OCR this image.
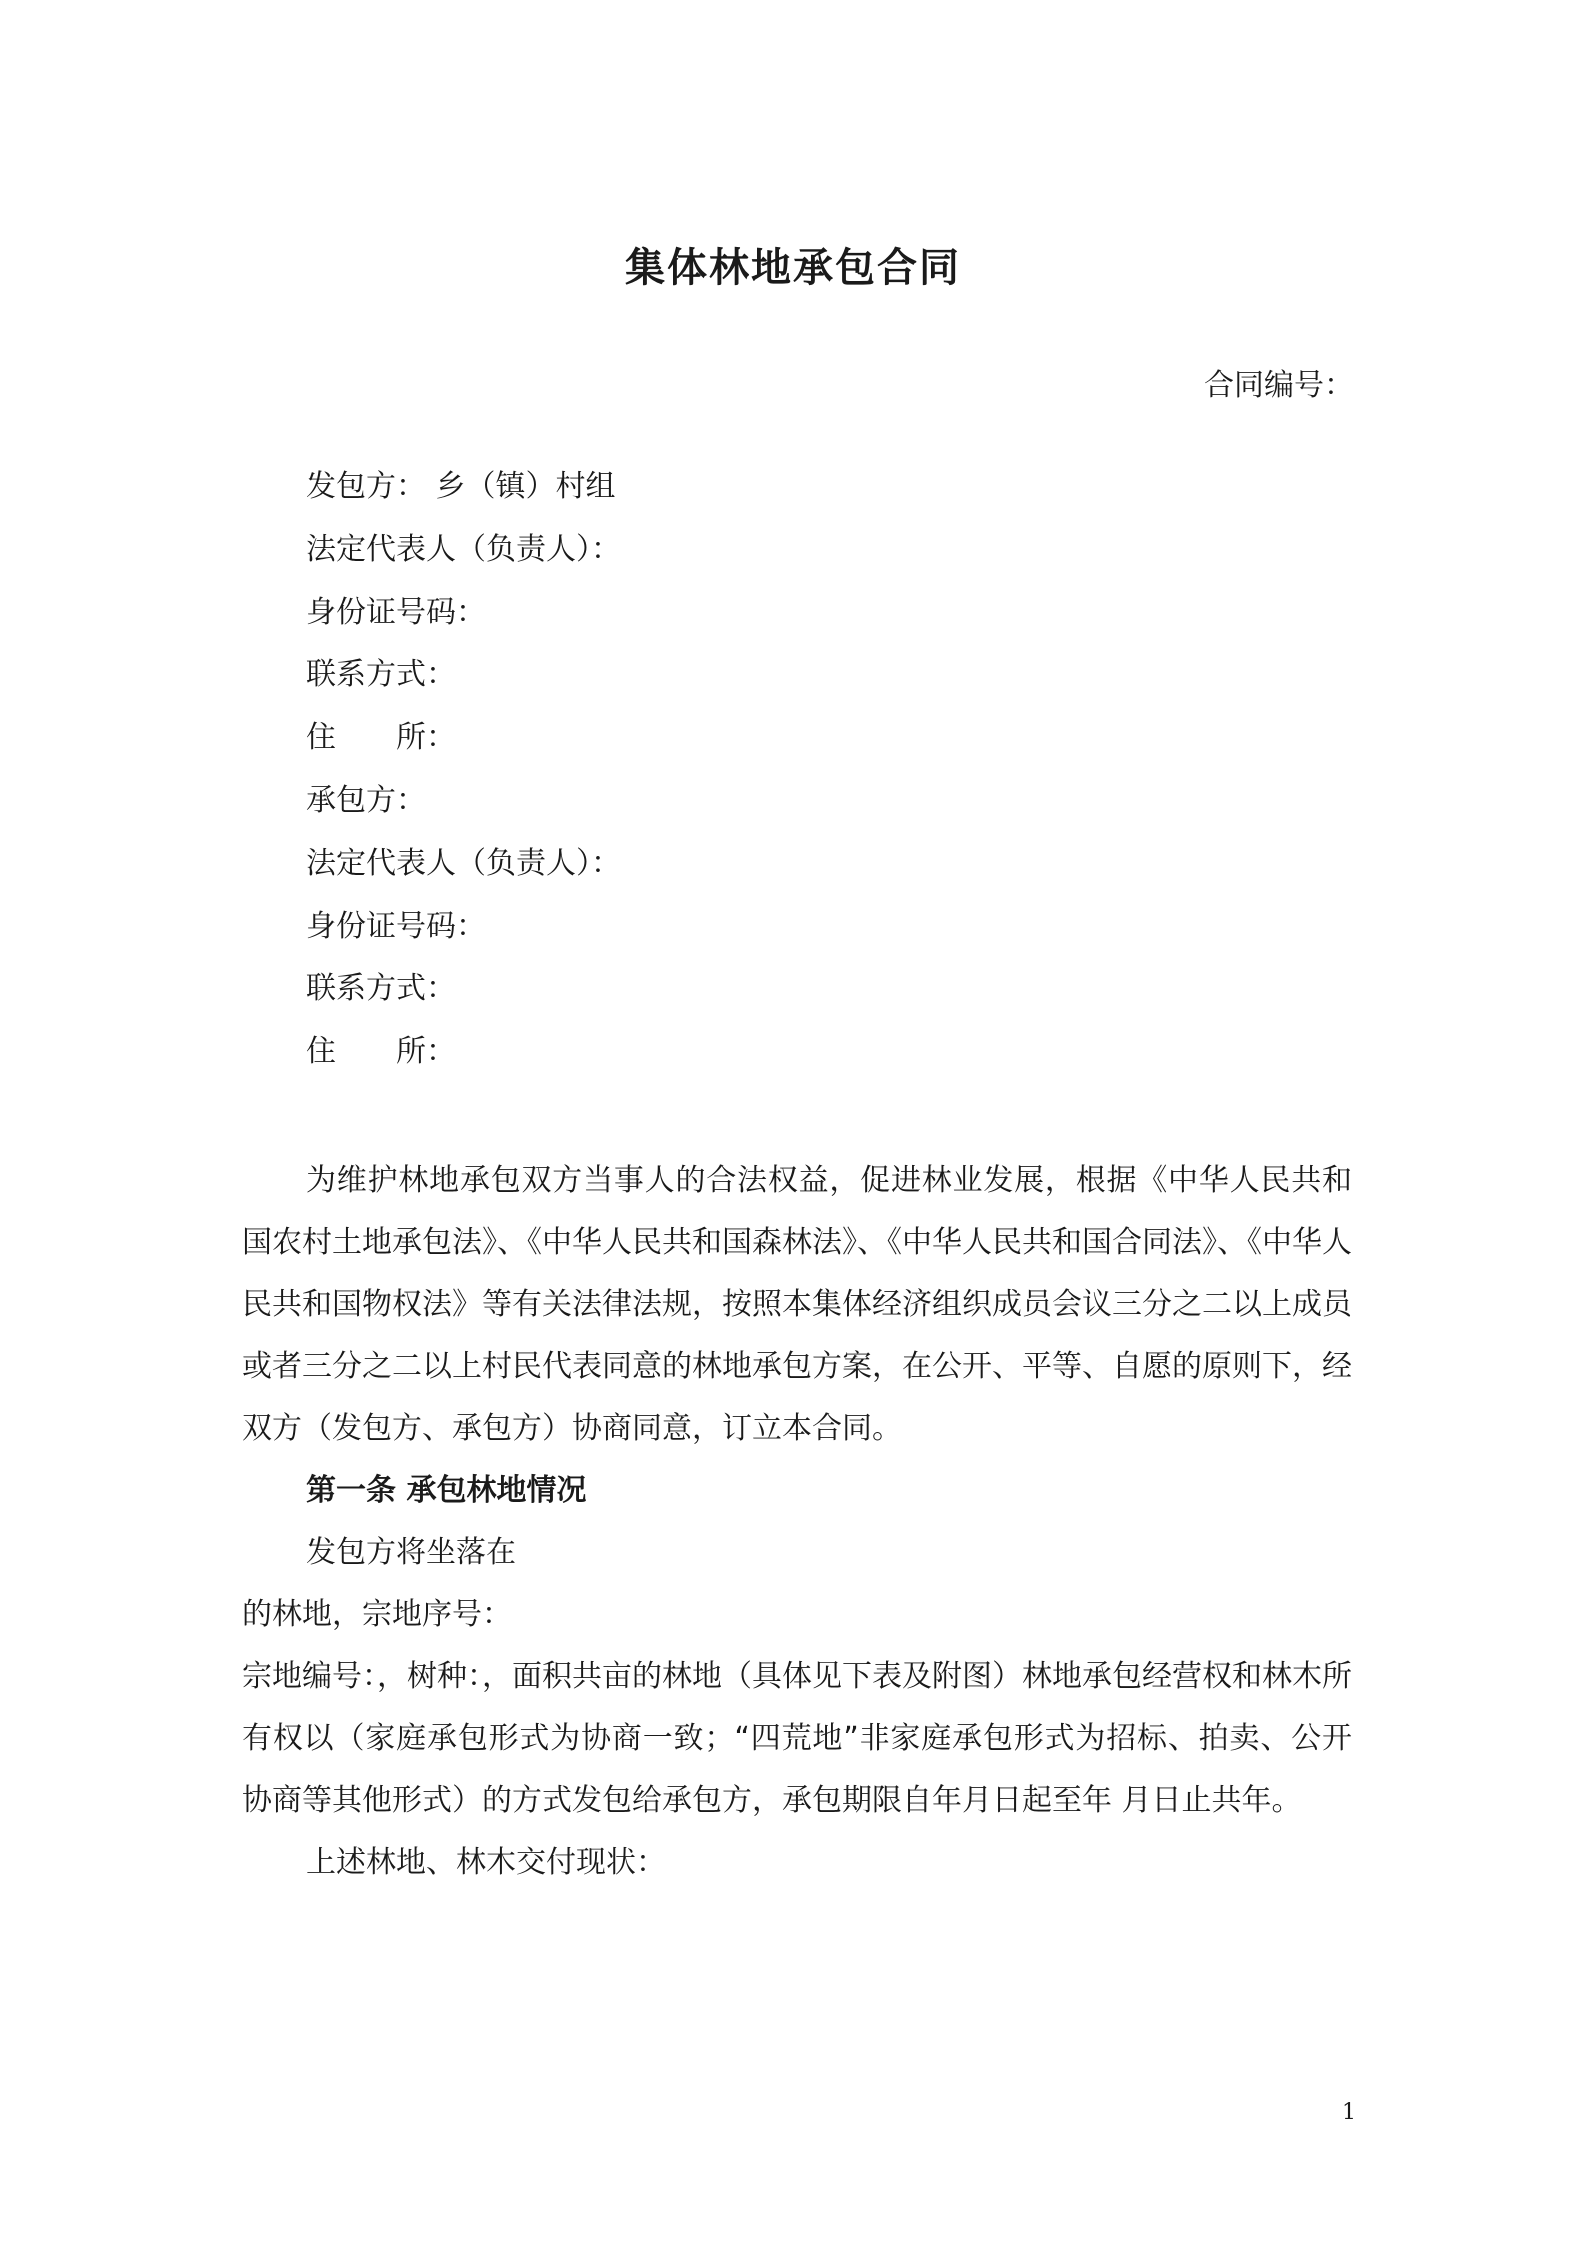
集体林地承包合同
合同编号：
发包方： 乡（镇）村组
法定代表人（负责人）：
身份证号码：
联系方式：
住 所：
承包方：
法定代表人（负责人）：
身份证号码：
联系方式：
住 所：

为维护林地承包双方当事人的合法权益，促进林业发展，根据《中华人民共和国农村土地承包法》、《中华人民共和国森林法》、《中华人民共和国合同法》、《中华人民共和国物权法》等有关法律法规，按照本集体经济组织成员会议三分之二以上成员或者三分之二以上村民代表同意的林地承包方案，在公开、平等、自愿的原则下，经双方（发包方、承包方）协商同意，订立本合同。

第一条 承包林地情况

发包方将坐落在

的林地，宗地序号：

宗地编号：，树种：，面积共亩的林地（具体见下表及附图）林地承包经营权和林木所有权以（家庭承包形式为协商一致；“四荒地”非家庭承包形式为招标、拍卖、公开协商等其他形式）的方式发包给承包方，承包期限自年月日起至年 月日止共年。

上述林地、林木交付现状：

1
